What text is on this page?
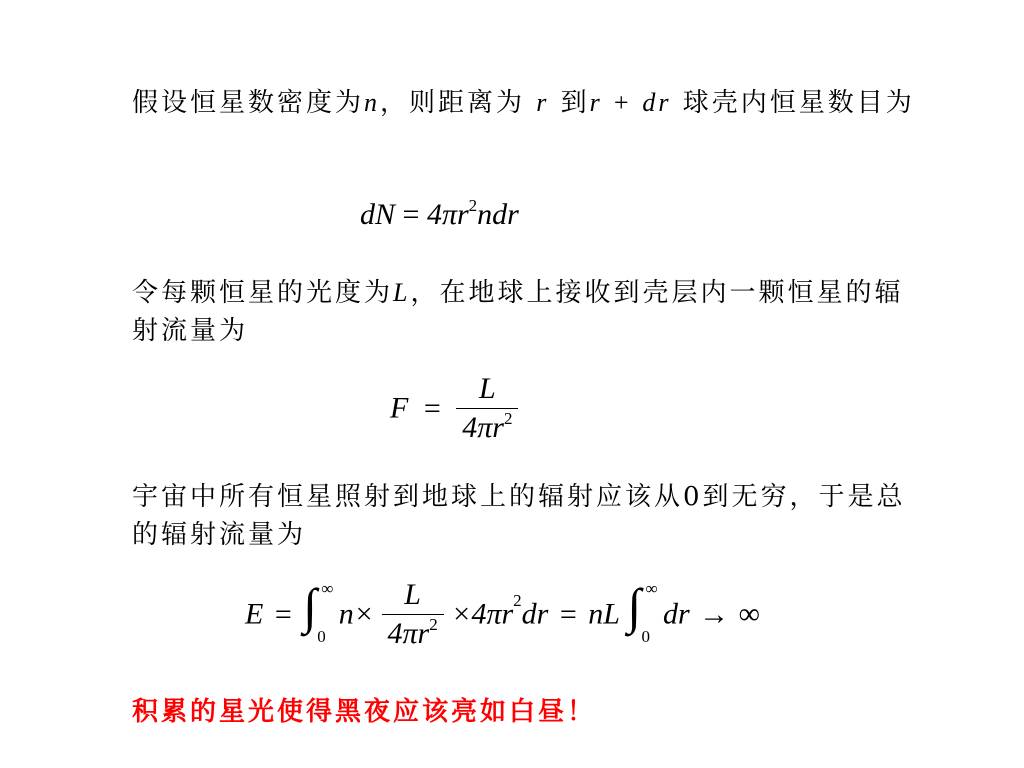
假设恒星数密度为n，则距离为 r 到r + dr 球壳内恒星数目为
dN = $4\pi r^2ndr$
令每颗恒星的光度为L，在地球上接收到壳层内一颗恒星的辐射流量为
$F = \frac{L}{4\pi r^2}$
宇宙中所有恒星照射到地球上的辐射应该从0到无穷，于是总的辐射流量为
E = ∫ ∞
0
$n\times \frac{L}{4\pi r^2} \times 4\pi r^2dr$ = nL ∫ ∞
0
dr → ∞
积累的星光使得黑夜应该亮如白昼！
